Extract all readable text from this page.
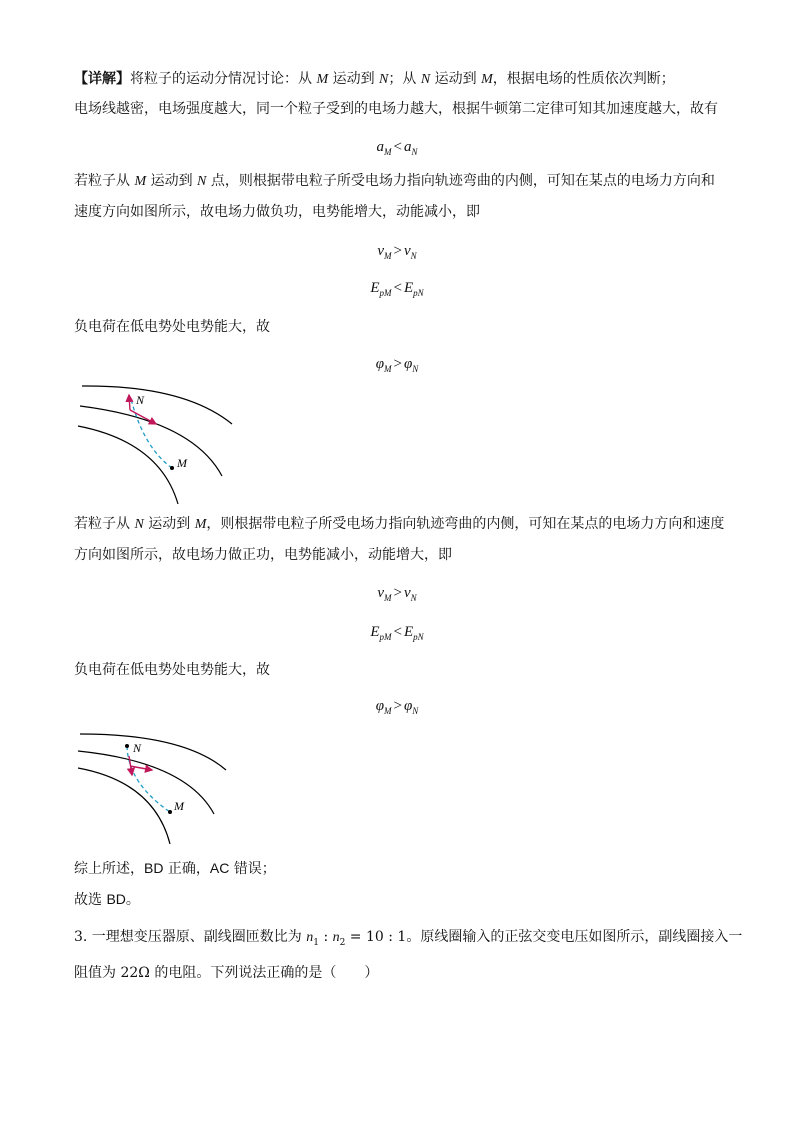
【详解】将粒子的运动分情况讨论：从 M 运动到 N；从 N 运动到 M，根据电场的性质依次判断；
电场线越密，电场强度越大，同一个粒子受到的电场力越大，根据牛顿第二定律可知其加速度越大，故有
$a_M < a_N$
若粒子从 M 运动到 N 点，则根据带电粒子所受电场力指向轨迹弯曲的内侧，可知在某点的电场力方向和
速度方向如图所示，故电场力做负功，电势能增大，动能减小，即
$v_M > v_N$
$E_{pM} < E_{pN}$
负电荷在低电势处电势能大，故
$\varphi_M > \varphi_N$
N
M
若粒子从 N 运动到 M，则根据带电粒子所受电场力指向轨迹弯曲的内侧，可知在某点的电场力方向和速度
方向如图所示，故电场力做正功，电势能减小，动能增大，即
$v_M > v_N$
$E_{pM} < E_{pN}$
负电荷在低电势处电势能大，故
$\varphi_M > \varphi_N$
N
M
综上所述，BD 正确，AC 错误；
故选 BD。
3. 一理想变压器原、副线圈匝数比为 $n_1$ : $n_2 = 10$ : 1。原线圈输入的正弦交变电压如图所示，副线圈接入一
阻值为 22Ω 的电阻。下列说法正确的是（　　）
